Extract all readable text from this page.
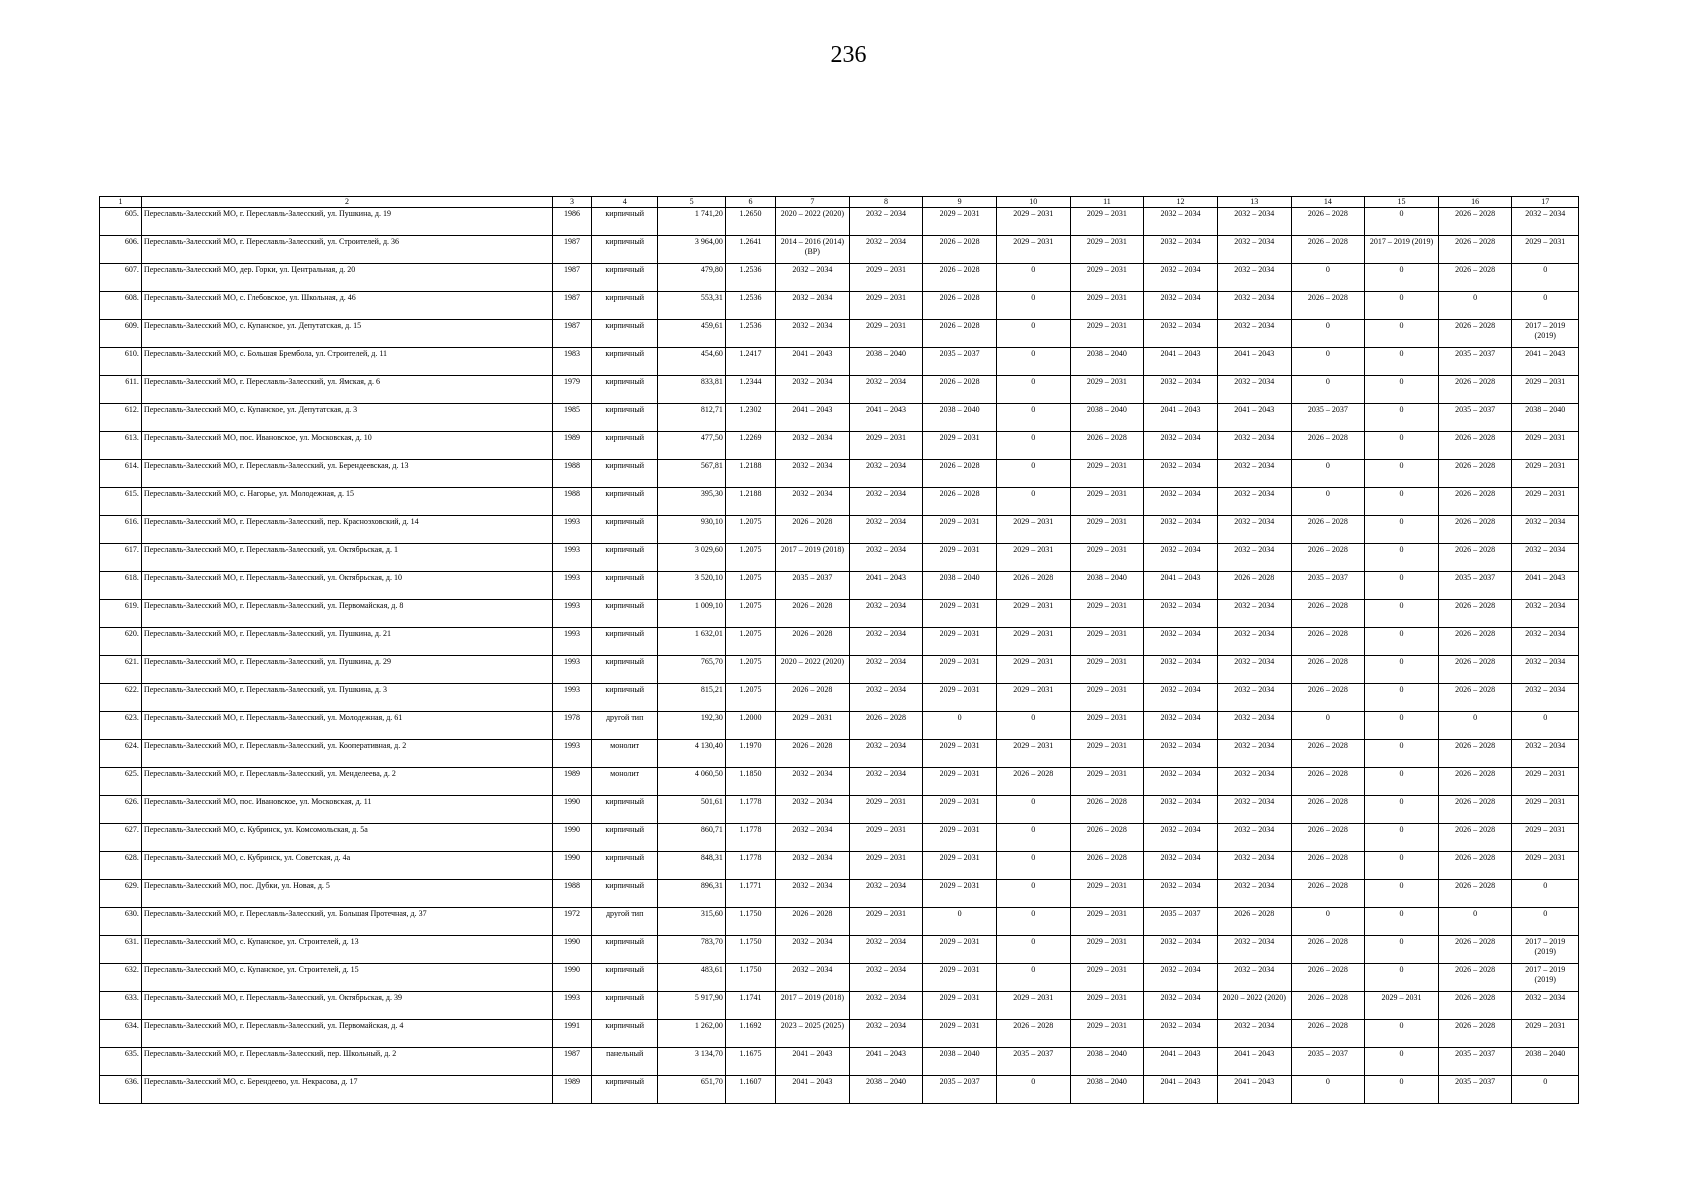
236
1	2	3	4	5	6	7	8	9	10	11	12	13	14	15	16	17
605.	Переславль-Залесский МО, г. Переславль-Залесский, ул. Пушкина, д. 19	1986	кирпичный	1 741,20	1.2650	2020 – 2022 (2020)	2032 – 2034	2029 – 2031	2029 – 2031	2029 – 2031	2032 – 2034	2032 – 2034	2026 – 2028	0	2026 – 2028	2032 – 2034
606.	Переславль-Залесский МО, г. Переславль-Залесский, ул. Строителей, д. 36	1987	кирпичный	3 964,00	1.2641	2014 – 2016 (2014) (ВР)	2032 – 2034	2026 – 2028	2029 – 2031	2029 – 2031	2032 – 2034	2032 – 2034	2026 – 2028	2017 – 2019 (2019)	2026 – 2028	2029 – 2031
607.	Переславль-Залесский МО, дер. Горки, ул. Центральная, д. 20	1987	кирпичный	479,80	1.2536	2032 – 2034	2029 – 2031	2026 – 2028	0	2029 – 2031	2032 – 2034	2032 – 2034	0	0	2026 – 2028	0
608.	Переславль-Залесский МО, с. Глебовское, ул. Школьная, д. 46	1987	кирпичный	553,31	1.2536	2032 – 2034	2029 – 2031	2026 – 2028	0	2029 – 2031	2032 – 2034	2032 – 2034	2026 – 2028	0	0	0
609.	Переславль-Залесский МО, с. Купанское, ул. Депутатская, д. 15	1987	кирпичный	459,61	1.2536	2032 – 2034	2029 – 2031	2026 – 2028	0	2029 – 2031	2032 – 2034	2032 – 2034	0	0	2026 – 2028	2017 – 2019 (2019)
610.	Переславль-Залесский МО, с. Большая Брембола, ул. Строителей, д. 11	1983	кирпичный	454,60	1.2417	2041 – 2043	2038 – 2040	2035 – 2037	0	2038 – 2040	2041 – 2043	2041 – 2043	0	0	2035 – 2037	2041 – 2043
611.	Переславль-Залесский МО, г. Переславль-Залесский, ул. Ямская, д. 6	1979	кирпичный	833,81	1.2344	2032 – 2034	2032 – 2034	2026 – 2028	0	2029 – 2031	2032 – 2034	2032 – 2034	0	0	2026 – 2028	2029 – 2031
612.	Переславль-Залесский МО, с. Купанское, ул. Депутатская, д. 3	1985	кирпичный	812,71	1.2302	2041 – 2043	2041 – 2043	2038 – 2040	0	2038 – 2040	2041 – 2043	2041 – 2043	2035 – 2037	0	2035 – 2037	2038 – 2040
613.	Переславль-Залесский МО, пос. Ивановское, ул. Московская, д. 10	1989	кирпичный	477,50	1.2269	2032 – 2034	2029 – 2031	2029 – 2031	0	2026 – 2028	2032 – 2034	2032 – 2034	2026 – 2028	0	2026 – 2028	2029 – 2031
614.	Переславль-Залесский МО, г. Переславль-Залесский, ул. Берендеевская, д. 13	1988	кирпичный	567,81	1.2188	2032 – 2034	2032 – 2034	2026 – 2028	0	2029 – 2031	2032 – 2034	2032 – 2034	0	0	2026 – 2028	2029 – 2031
615.	Переславль-Залесский МО, с. Нагорье, ул. Молодежная, д. 15	1988	кирпичный	395,30	1.2188	2032 – 2034	2032 – 2034	2026 – 2028	0	2029 – 2031	2032 – 2034	2032 – 2034	0	0	2026 – 2028	2029 – 2031
616.	Переславль-Залесский МО, г. Переславль-Залесский, пер. Красноэховский, д. 14	1993	кирпичный	930,10	1.2075	2026 – 2028	2032 – 2034	2029 – 2031	2029 – 2031	2029 – 2031	2032 – 2034	2032 – 2034	2026 – 2028	0	2026 – 2028	2032 – 2034
617.	Переславль-Залесский МО, г. Переславль-Залесский, ул. Октябрьская, д. 1	1993	кирпичный	3 029,60	1.2075	2017 – 2019 (2018)	2032 – 2034	2029 – 2031	2029 – 2031	2029 – 2031	2032 – 2034	2032 – 2034	2026 – 2028	0	2026 – 2028	2032 – 2034
618.	Переславль-Залесский МО, г. Переславль-Залесский, ул. Октябрьская, д. 10	1993	кирпичный	3 520,10	1.2075	2035 – 2037	2041 – 2043	2038 – 2040	2026 – 2028	2038 – 2040	2041 – 2043	2026 – 2028	2035 – 2037	0	2035 – 2037	2041 – 2043
619.	Переславль-Залесский МО, г. Переславль-Залесский, ул. Первомайская, д. 8	1993	кирпичный	1 009,10	1.2075	2026 – 2028	2032 – 2034	2029 – 2031	2029 – 2031	2029 – 2031	2032 – 2034	2032 – 2034	2026 – 2028	0	2026 – 2028	2032 – 2034
620.	Переславль-Залесский МО, г. Переславль-Залесский, ул. Пушкина, д. 21	1993	кирпичный	1 632,01	1.2075	2026 – 2028	2032 – 2034	2029 – 2031	2029 – 2031	2029 – 2031	2032 – 2034	2032 – 2034	2026 – 2028	0	2026 – 2028	2032 – 2034
621.	Переславль-Залесский МО, г. Переславль-Залесский, ул. Пушкина, д. 29	1993	кирпичный	765,70	1.2075	2020 – 2022 (2020)	2032 – 2034	2029 – 2031	2029 – 2031	2029 – 2031	2032 – 2034	2032 – 2034	2026 – 2028	0	2026 – 2028	2032 – 2034
622.	Переславль-Залесский МО, г. Переславль-Залесский, ул. Пушкина, д. 3	1993	кирпичный	815,21	1.2075	2026 – 2028	2032 – 2034	2029 – 2031	2029 – 2031	2029 – 2031	2032 – 2034	2032 – 2034	2026 – 2028	0	2026 – 2028	2032 – 2034
623.	Переславль-Залесский МО, г. Переславль-Залесский, ул. Молодежная, д. 61	1978	другой тип	192,30	1.2000	2029 – 2031	2026 – 2028	0	0	2029 – 2031	2032 – 2034	2032 – 2034	0	0	0	0
624.	Переславль-Залесский МО, г. Переславль-Залесский, ул. Кооперативная, д. 2	1993	монолит	4 130,40	1.1970	2026 – 2028	2032 – 2034	2029 – 2031	2029 – 2031	2029 – 2031	2032 – 2034	2032 – 2034	2026 – 2028	0	2026 – 2028	2032 – 2034
625.	Переславль-Залесский МО, г. Переславль-Залесский, ул. Менделеева, д. 2	1989	монолит	4 060,50	1.1850	2032 – 2034	2032 – 2034	2029 – 2031	2026 – 2028	2029 – 2031	2032 – 2034	2032 – 2034	2026 – 2028	0	2026 – 2028	2029 – 2031
626.	Переславль-Залесский МО, пос. Ивановское, ул. Московская, д. 11	1990	кирпичный	501,61	1.1778	2032 – 2034	2029 – 2031	2029 – 2031	0	2026 – 2028	2032 – 2034	2032 – 2034	2026 – 2028	0	2026 – 2028	2029 – 2031
627.	Переславль-Залесский МО, с. Кубринск, ул. Комсомольская, д. 5а	1990	кирпичный	860,71	1.1778	2032 – 2034	2029 – 2031	2029 – 2031	0	2026 – 2028	2032 – 2034	2032 – 2034	2026 – 2028	0	2026 – 2028	2029 – 2031
628.	Переславль-Залесский МО, с. Кубринск, ул. Советская, д. 4а	1990	кирпичный	848,31	1.1778	2032 – 2034	2029 – 2031	2029 – 2031	0	2026 – 2028	2032 – 2034	2032 – 2034	2026 – 2028	0	2026 – 2028	2029 – 2031
629.	Переславль-Залесский МО, пос. Дубки, ул. Новая, д. 5	1988	кирпичный	896,31	1.1771	2032 – 2034	2032 – 2034	2029 – 2031	0	2029 – 2031	2032 – 2034	2032 – 2034	2026 – 2028	0	2026 – 2028	0
630.	Переславль-Залесский МО, г. Переславль-Залесский, ул. Большая Протечная, д. 37	1972	другой тип	315,60	1.1750	2026 – 2028	2029 – 2031	0	0	2029 – 2031	2035 – 2037	2026 – 2028	0	0	0	0
631.	Переславль-Залесский МО, с. Купанское, ул. Строителей, д. 13	1990	кирпичный	783,70	1.1750	2032 – 2034	2032 – 2034	2029 – 2031	0	2029 – 2031	2032 – 2034	2032 – 2034	2026 – 2028	0	2026 – 2028	2017 – 2019 (2019)
632.	Переславль-Залесский МО, с. Купанское, ул. Строителей, д. 15	1990	кирпичный	483,61	1.1750	2032 – 2034	2032 – 2034	2029 – 2031	0	2029 – 2031	2032 – 2034	2032 – 2034	2026 – 2028	0	2026 – 2028	2017 – 2019 (2019)
633.	Переславль-Залесский МО, г. Переславль-Залесский, ул. Октябрьская, д. 39	1993	кирпичный	5 917,90	1.1741	2017 – 2019 (2018)	2032 – 2034	2029 – 2031	2029 – 2031	2029 – 2031	2032 – 2034	2020 – 2022 (2020)	2026 – 2028	2029 – 2031	2026 – 2028	2032 – 2034
634.	Переславль-Залесский МО, г. Переславль-Залесский, ул. Первомайская, д. 4	1991	кирпичный	1 262,00	1.1692	2023 – 2025 (2025)	2032 – 2034	2029 – 2031	2026 – 2028	2029 – 2031	2032 – 2034	2032 – 2034	2026 – 2028	0	2026 – 2028	2029 – 2031
635.	Переславль-Залесский МО, г. Переславль-Залесский, пер. Школьный, д. 2	1987	панельный	3 134,70	1.1675	2041 – 2043	2041 – 2043	2038 – 2040	2035 – 2037	2038 – 2040	2041 – 2043	2041 – 2043	2035 – 2037	0	2035 – 2037	2038 – 2040
636.	Переславль-Залесский МО, с. Берендеево, ул. Некрасова, д. 17	1989	кирпичный	651,70	1.1607	2041 – 2043	2038 – 2040	2035 – 2037	0	2038 – 2040	2041 – 2043	2041 – 2043	0	0	2035 – 2037	0
